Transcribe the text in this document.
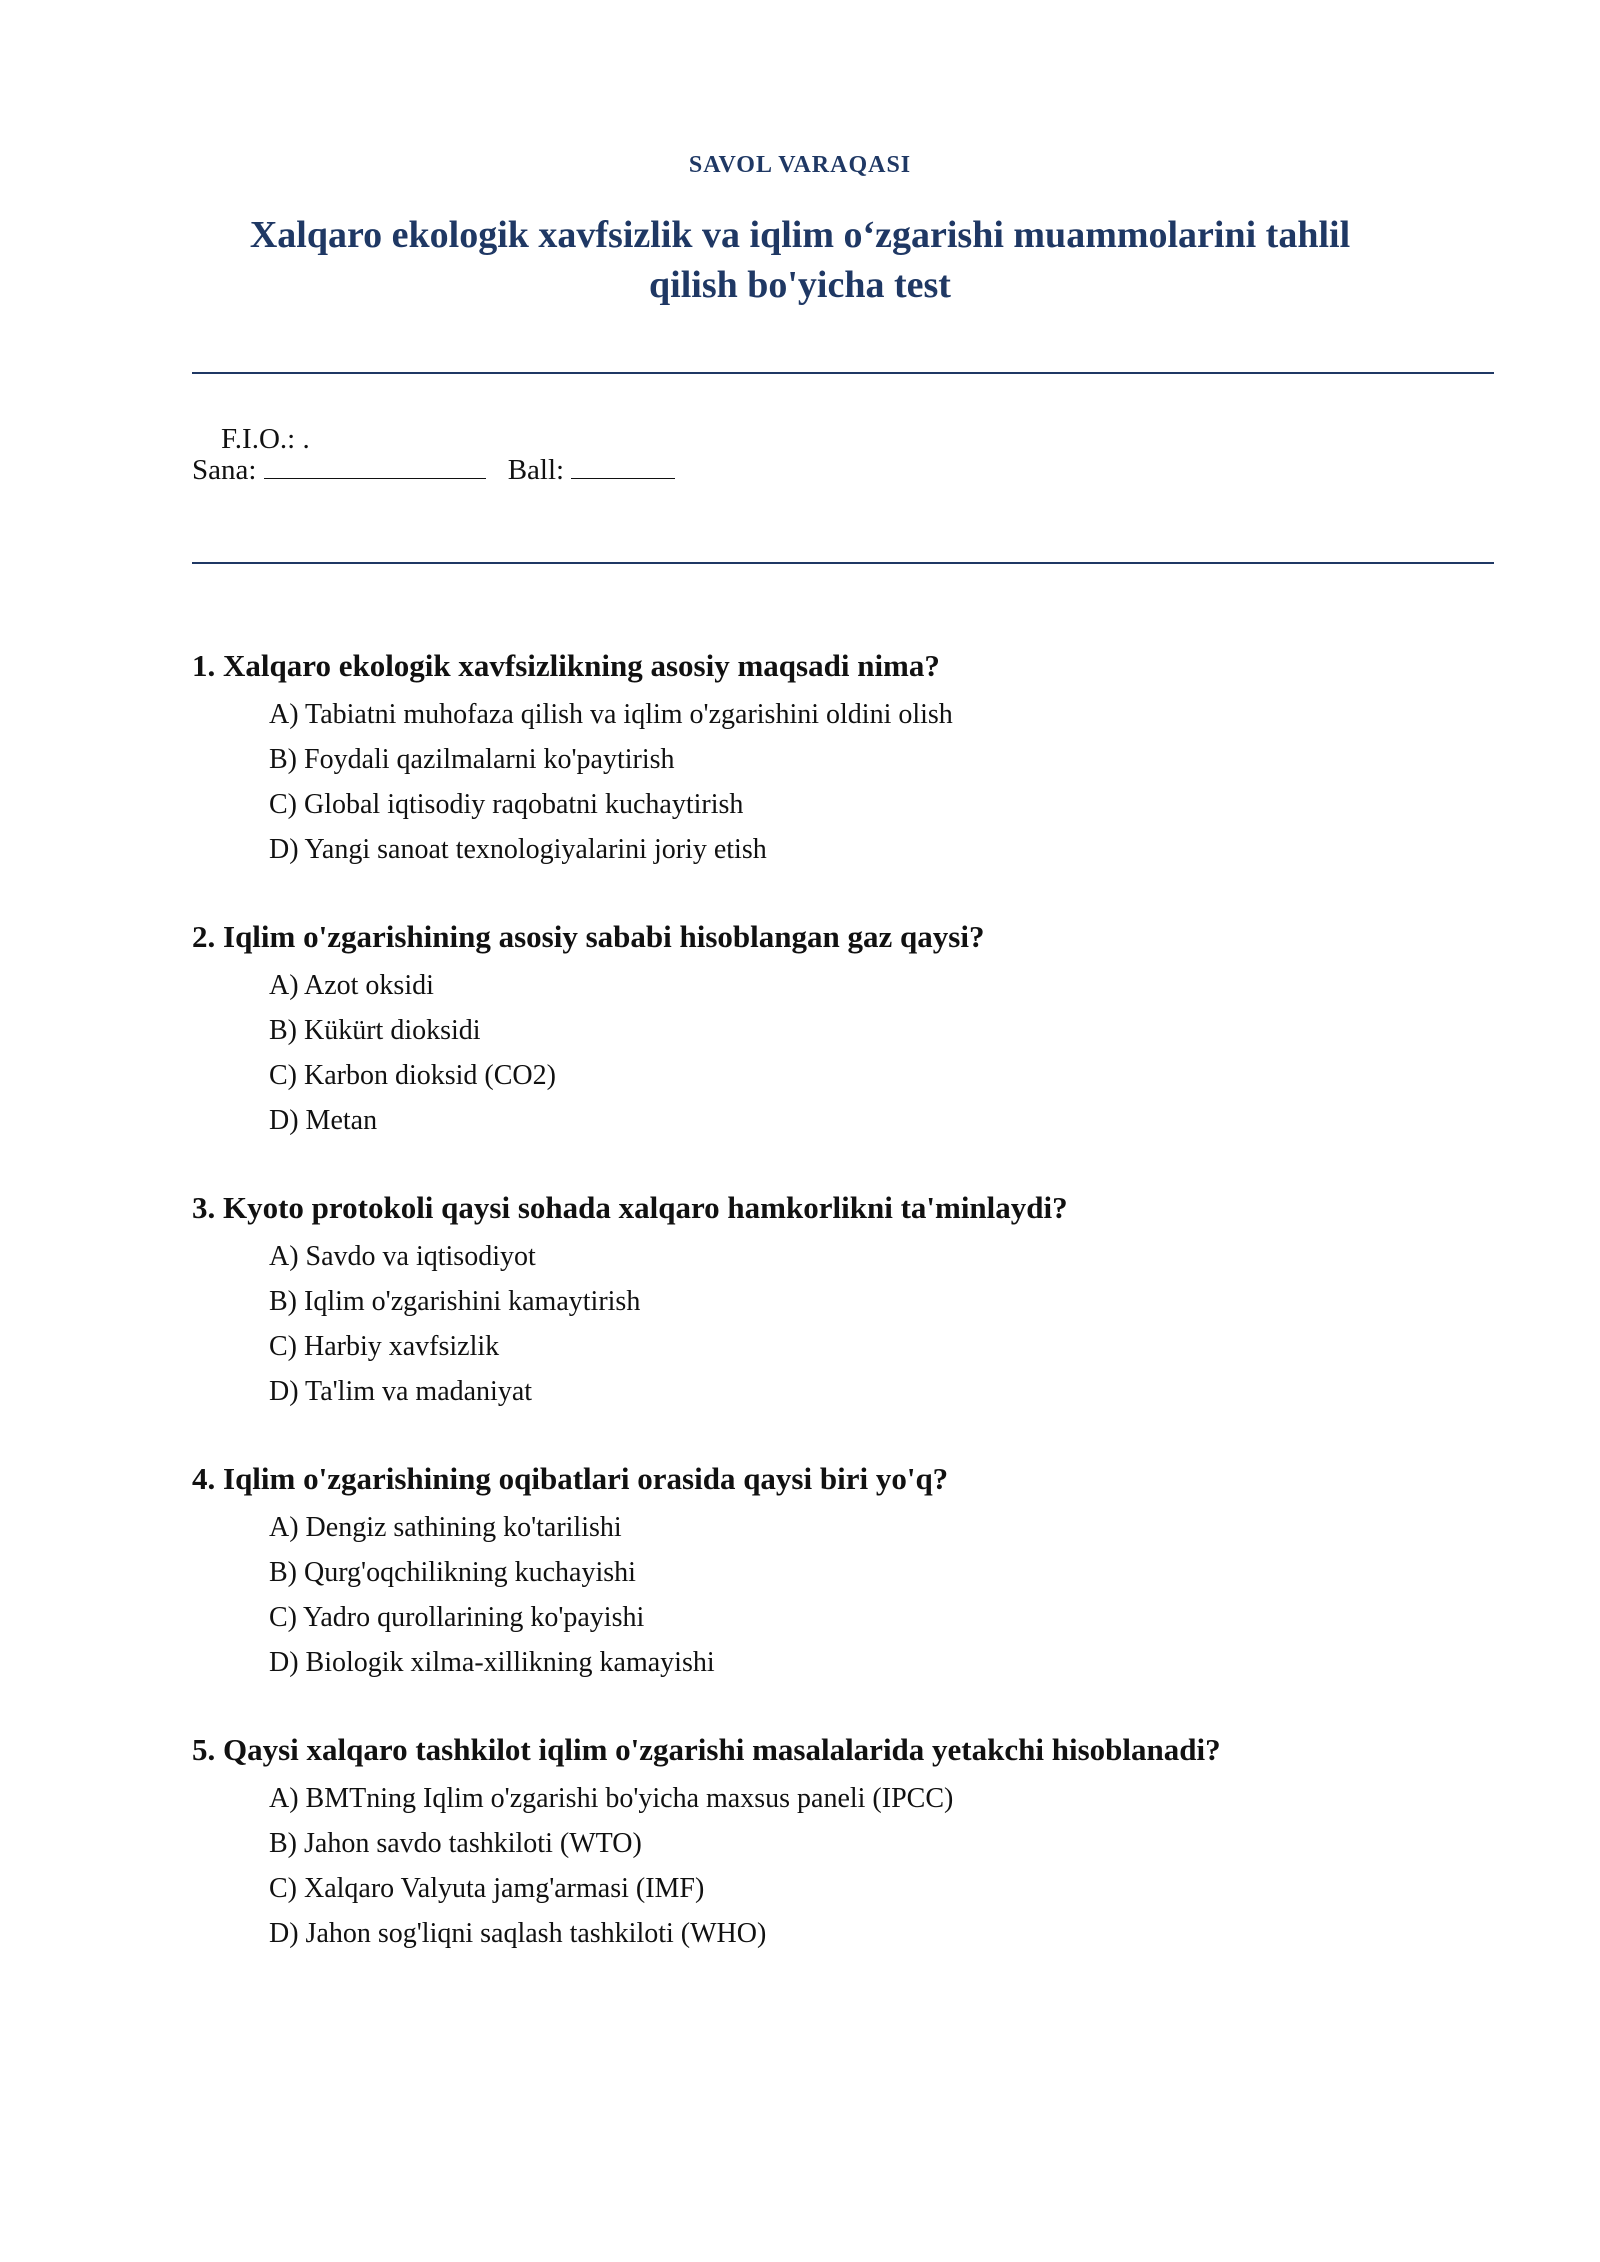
SAVOL VARAQASI
Xalqaro ekologik xavfsizlik va iqlim o‘zgarishi muammolarini tahlil qilish bo'yicha test

F.I.O.: .

Sana:	Ball:
1. Xalqaro ekologik xavfsizlikning asosiy maqsadi nima?
A) Tabiatni muhofaza qilish va iqlim o'zgarishini oldini olish
B) Foydali qazilmalarni ko'paytirish
C) Global iqtisodiy raqobatni kuchaytirish
D) Yangi sanoat texnologiyalarini joriy etish
2. Iqlim o'zgarishining asosiy sababi hisoblangan gaz qaysi?
A) Azot oksidi
B) Kükürt dioksidi
C) Karbon dioksid (CO2)
D) Metan
3. Kyoto protokoli qaysi sohada xalqaro hamkorlikni ta'minlaydi?
A) Savdo va iqtisodiyot
B) Iqlim o'zgarishini kamaytirish
C) Harbiy xavfsizlik
D) Ta'lim va madaniyat
4. Iqlim o'zgarishining oqibatlari orasida qaysi biri yo'q?
A) Dengiz sathining ko'tarilishi
B) Qurg'oqchilikning kuchayishi
C) Yadro qurollarining ko'payishi
D) Biologik xilma-xillikning kamayishi
5. Qaysi xalqaro tashkilot iqlim o'zgarishi masalalarida yetakchi hisoblanadi?
A) BMTning Iqlim o'zgarishi bo'yicha maxsus paneli (IPCC)
B) Jahon savdo tashkiloti (WTO)
C) Xalqaro Valyuta jamg'armasi (IMF)
D) Jahon sog'liqni saqlash tashkiloti (WHO)
